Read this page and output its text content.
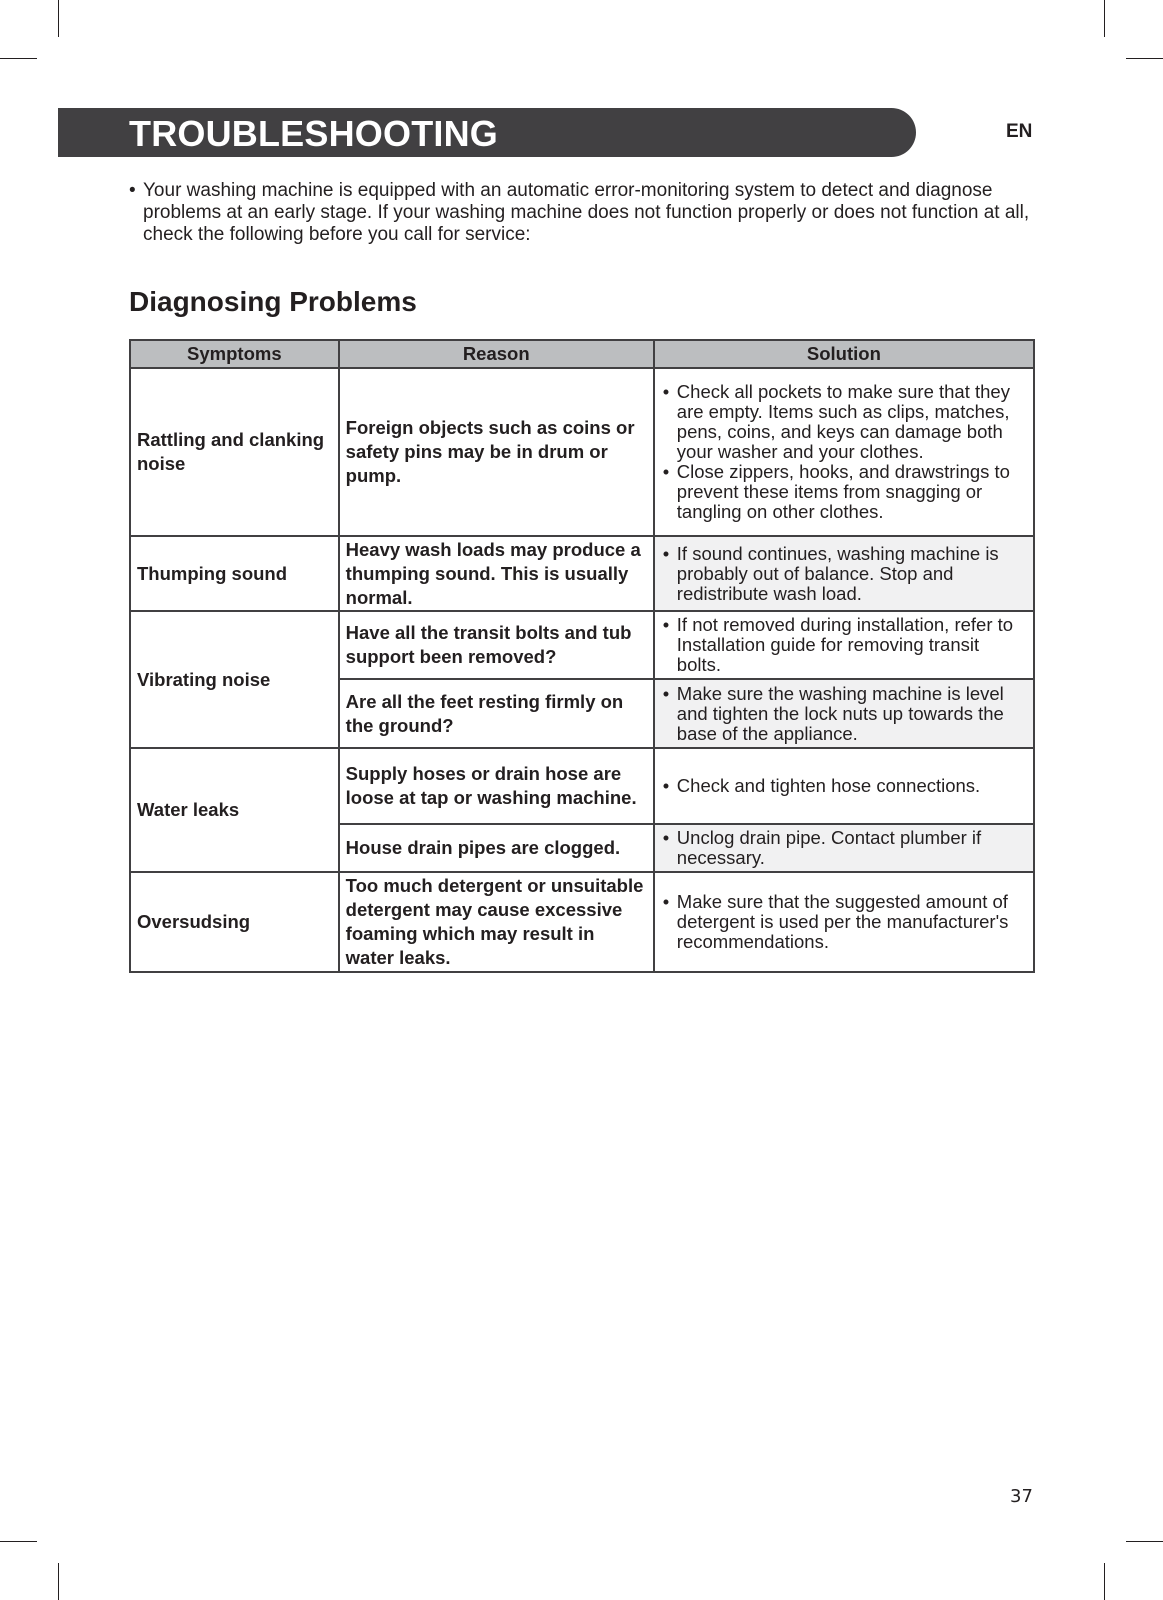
TROUBLESHOOTING	EN
• Your washing machine is equipped with an automatic error-monitoring system to detect and diagnose problems at an early stage. If your washing machine does not function properly or does not function at all, check the following before you call for service:
Diagnosing Problems
Symptoms	Reason	Solution
Rattling and clanking noise	Foreign objects such as coins or safety pins may be in drum or pump.	• Check all pockets to make sure that they are empty. Items such as clips, matches, pens, coins, and keys can damage both your washer and your clothes.
• Close zippers, hooks, and drawstrings to prevent these items from snagging or tangling on other clothes.

Thumping sound	Heavy wash loads may produce a thumping sound. This is usually normal.	• If sound continues, washing machine is probably out of balance. Stop and redistribute wash load.

Vibrating noise	Have all the transit bolts and tub support been removed?	• If not removed during installation, refer to Installation guide for removing transit bolts.

	Are all the feet resting firmly on the ground?	• Make sure the washing machine is level and tighten the lock nuts up towards the base of the appliance.

Water leaks	Supply hoses or drain hose are loose at tap or washing machine.	• Check and tighten hose connections.

	House drain pipes are clogged.	• Unclog drain pipe. Contact plumber if necessary.

Oversudsing	Too much detergent or unsuitable detergent may cause excessive foaming which may result in water leaks.	• Make sure that the suggested amount of detergent is used per the manufacturer's recommendations.
37
